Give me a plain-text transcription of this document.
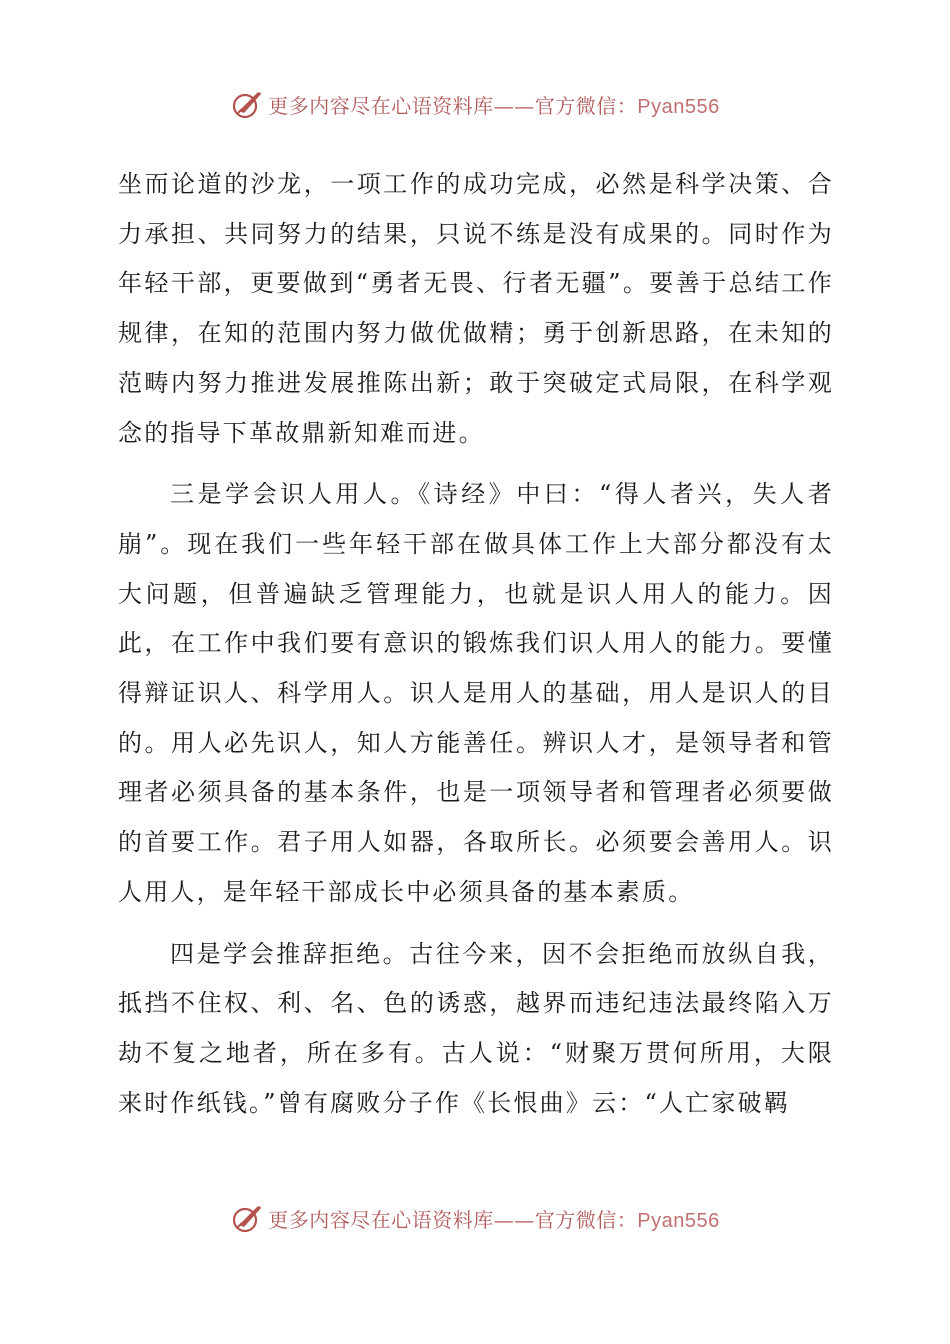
更多内容尽在心语资料库——官方微信：Pyan556

坐而论道的沙龙，一项工作的成功完成，必然是科学决策、合力承担、共同努力的结果，只说不练是没有成果的。同时作为年轻干部，更要做到“勇者无畏、行者无疆”。要善于总结工作规律，在知的范围内努力做优做精；勇于创新思路，在未知的范畴内努力推进发展推陈出新；敢于突破定式局限，在科学观念的指导下革故鼎新知难而进。

三是学会识人用人。《诗经》中曰：“得人者兴，失人者崩”。现在我们一些年轻干部在做具体工作上大部分都没有太大问题，但普遍缺乏管理能力，也就是识人用人的能力。因此，在工作中我们要有意识的锻炼我们识人用人的能力。要懂得辩证识人、科学用人。识人是用人的基础，用人是识人的目的。用人必先识人，知人方能善任。辨识人才，是领导者和管理者必须具备的基本条件，也是一项领导者和管理者必须要做的首要工作。君子用人如器，各取所长。必须要会善用人。识人用人，是年轻干部成长中必须具备的基本素质。

四是学会推辞拒绝。古往今来，因不会拒绝而放纵自我，抵挡不住权、利、名、色的诱惑，越界而违纪违法最终陷入万劫不复之地者，所在多有。古人说：“财聚万贯何所用，大限来时作纸钱。”曾有腐败分子作《长恨曲》云：“人亡家破羁

更多内容尽在心语资料库——官方微信：Pyan556
